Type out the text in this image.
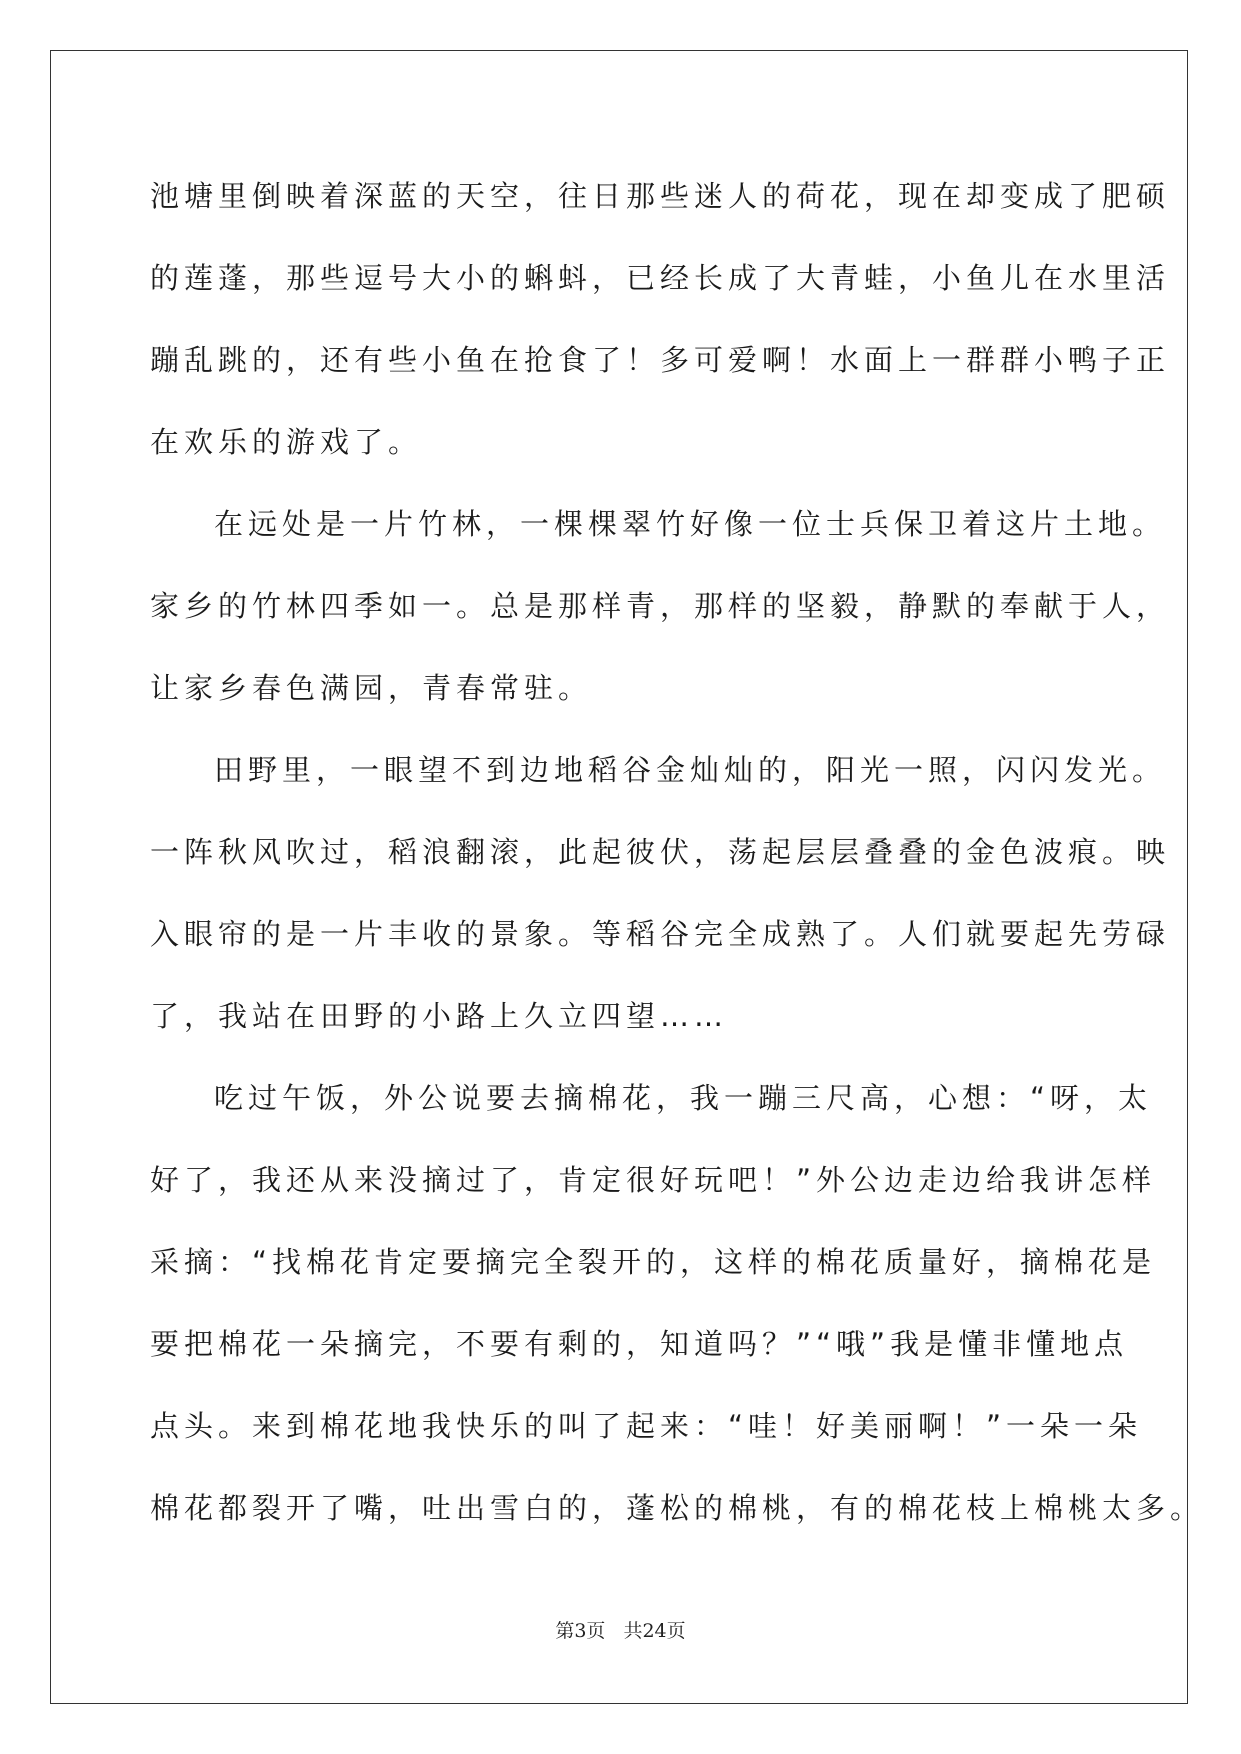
池塘里倒映着深蓝的天空，往日那些迷人的荷花，现在却变成了肥硕
的莲蓬，那些逗号大小的蝌蚪，已经长成了大青蛙，小鱼儿在水里活
蹦乱跳的，还有些小鱼在抢食了！多可爱啊！水面上一群群小鸭子正
在欢乐的游戏了。

在远处是一片竹林，一棵棵翠竹好像一位士兵保卫着这片土地。
家乡的竹林四季如一。总是那样青，那样的坚毅，静默的奉献于人，
让家乡春色满园，青春常驻。

田野里，一眼望不到边地稻谷金灿灿的，阳光一照，闪闪发光。
一阵秋风吹过，稻浪翻滚，此起彼伏，荡起层层叠叠的金色波痕。映
入眼帘的是一片丰收的景象。等稻谷完全成熟了。人们就要起先劳碌
了，我站在田野的小路上久立四望……

吃过午饭，外公说要去摘棉花，我一蹦三尺高，心想：“呀，太
好了，我还从来没摘过了，肯定很好玩吧！”外公边走边给我讲怎样
采摘：“找棉花肯定要摘完全裂开的，这样的棉花质量好，摘棉花是
要把棉花一朵摘完，不要有剩的，知道吗？”“哦”我是懂非懂地点
点头。来到棉花地我快乐的叫了起来：“哇！好美丽啊！”一朵一朵
棉花都裂开了嘴，吐出雪白的，蓬松的棉桃，有的棉花枝上棉桃太多。

第3页 共24页
